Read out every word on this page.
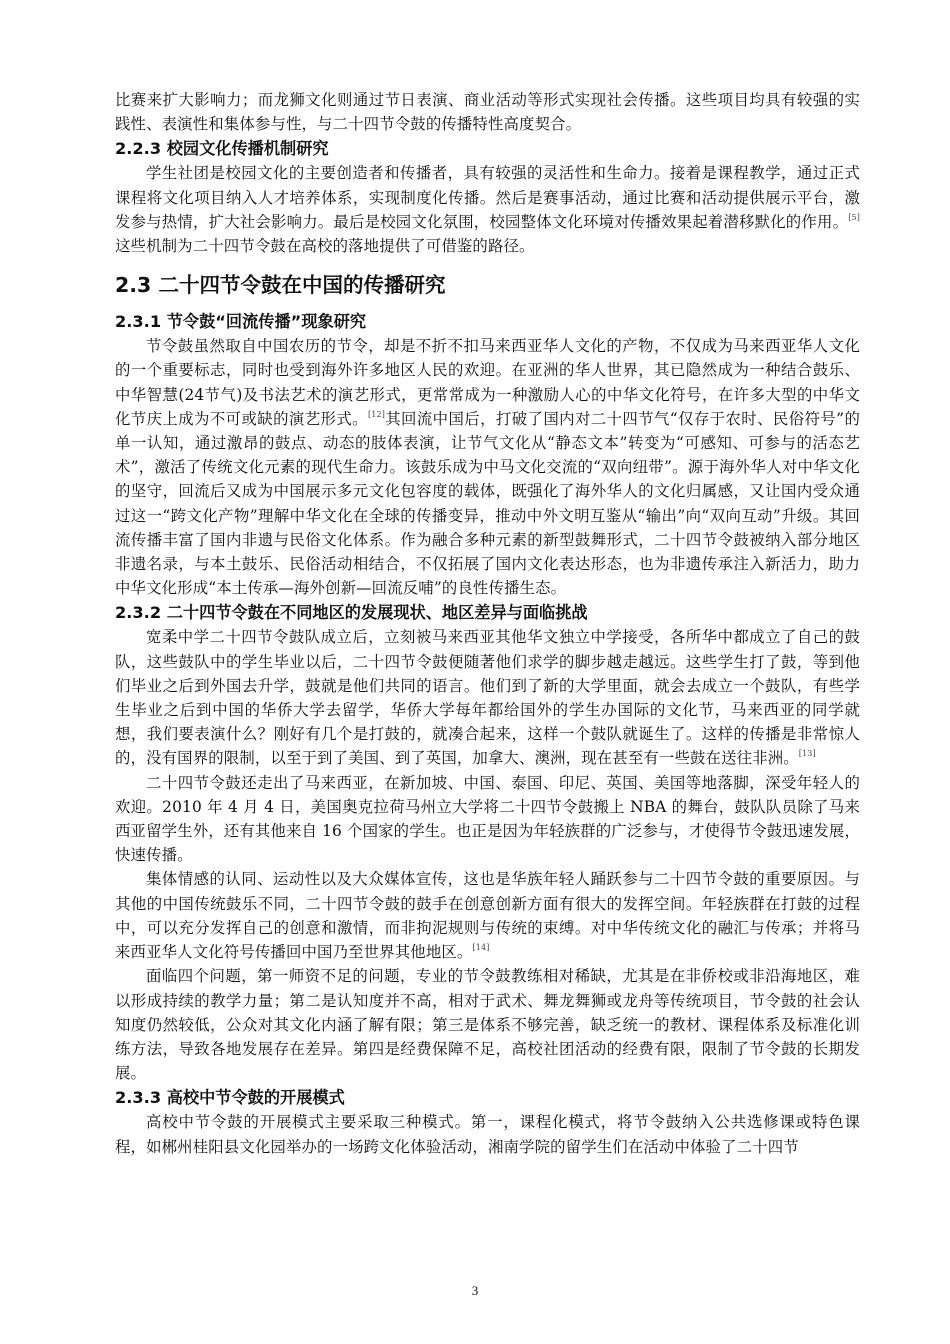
比赛来扩大影响力；而龙狮文化则通过节日表演、商业活动等形式实现社会传播。这些项目均具有较强的实践性、表演性和集体参与性，与二十四节令鼓的传播特性高度契合。

2.2.3 校园文化传播机制研究

学生社团是校园文化的主要创造者和传播者，具有较强的灵活性和生命力。接着是课程教学，通过正式课程将文化项目纳入人才培养体系，实现制度化传播。然后是赛事活动，通过比赛和活动提供展示平台，激发参与热情，扩大社会影响力。最后是校园文化氛围，校园整体文化环境对传播效果起着潜移默化的作用。[5]这些机制为二十四节令鼓在高校的落地提供了可借鉴的路径。

2.3 二十四节令鼓在中国的传播研究
2.3.1 节令鼓“回流传播”现象研究

节令鼓虽然取自中国农历的节令，却是不折不扣马来西亚华人文化的产物，不仅成为马来西亚华人文化的一个重要标志，同时也受到海外许多地区人民的欢迎。在亚洲的华人世界，其已隐然成为一种结合鼓乐、中华智慧(24节气)及书法艺术的演艺形式，更常常成为一种激励人心的中华文化符号，在许多大型的中华文化节庆上成为不可或缺的演艺形式。[12]其回流中国后，打破了国内对二十四节气“仅存于农时、民俗符号”的单一认知，通过激昂的鼓点、动态的肢体表演，让节气文化从“静态文本”转变为“可感知、可参与的活态艺术”，激活了传统文化元素的现代生命力。该鼓乐成为中马文化交流的“双向纽带”。源于海外华人对中华文化的坚守，回流后又成为中国展示多元文化包容度的载体，既强化了海外华人的文化归属感，又让国内受众通过这一“跨文化产物”理解中华文化在全球的传播变异，推动中外文明互鉴从“输出”向“双向互动”升级。其回流传播丰富了国内非遗与民俗文化体系。作为融合多种元素的新型鼓舞形式，二十四节令鼓被纳入部分地区非遗名录，与本土鼓乐、民俗活动相结合，不仅拓展了国内文化表达形态，也为非遗传承注入新活力，助力中华文化形成“本土传承—海外创新—回流反哺”的良性传播生态。

2.3.2 二十四节令鼓在不同地区的发展现状、地区差异与面临挑战

宽柔中学二十四节令鼓队成立后，立刻被马来西亚其他华文独立中学接受，各所华中都成立了自己的鼓队，这些鼓队中的学生毕业以后，二十四节令鼓便随著他们求学的脚步越走越远。这些学生打了鼓，等到他们毕业之后到外国去升学，鼓就是他们共同的语言。他们到了新的大学里面，就会去成立一个鼓队，有些学生毕业之后到中国的华侨大学去留学，华侨大学每年都给国外的学生办国际的文化节，马来西亚的同学就想，我们要表演什么？刚好有几个是打鼓的，就凑合起来，这样一个鼓队就诞生了。这样的传播是非常惊人的，没有国界的限制，以至于到了美国、到了英国，加拿大、澳洲，现在甚至有一些鼓在送往非洲。[13]

二十四节令鼓还走出了马来西亚，在新加坡、中国、泰国、印尼、英国、美国等地落脚，深受年轻人的欢迎。2010 年 4 月 4 日，美国奥克拉荷马州立大学将二十四节令鼓搬上 NBA 的舞台，鼓队队员除了马来西亚留学生外，还有其他来自 16 个国家的学生。也正是因为年轻族群的广泛参与，才使得节令鼓迅速发展，快速传播。

集体情感的认同、运动性以及大众媒体宣传，这也是华族年轻人踊跃参与二十四节令鼓的重要原因。与其他的中国传统鼓乐不同，二十四节令鼓的鼓手在创意创新方面有很大的发挥空间。年轻族群在打鼓的过程中，可以充分发挥自己的创意和激情，而非拘泥规则与传统的束缚。对中华传统文化的融汇与传承；并将马来西亚华人文化符号传播回中国乃至世界其他地区。[14]

面临四个问题，第一师资不足的问题，专业的节令鼓教练相对稀缺，尤其是在非侨校或非沿海地区，难以形成持续的教学力量；第二是认知度并不高，相对于武术、舞龙舞狮或龙舟等传统项目，节令鼓的社会认知度仍然较低，公众对其文化内涵了解有限；第三是体系不够完善，缺乏统一的教材、课程体系及标准化训练方法，导致各地发展存在差异。第四是经费保障不足，高校社团活动的经费有限，限制了节令鼓的长期发展。

2.3.3 高校中节令鼓的开展模式

高校中节令鼓的开展模式主要采取三种模式。第一，课程化模式，将节令鼓纳入公共选修课或特色课程，如郴州桂阳县文化园举办的一场跨文化体验活动，湘南学院的留学生们在活动中体验了二十四节

3
